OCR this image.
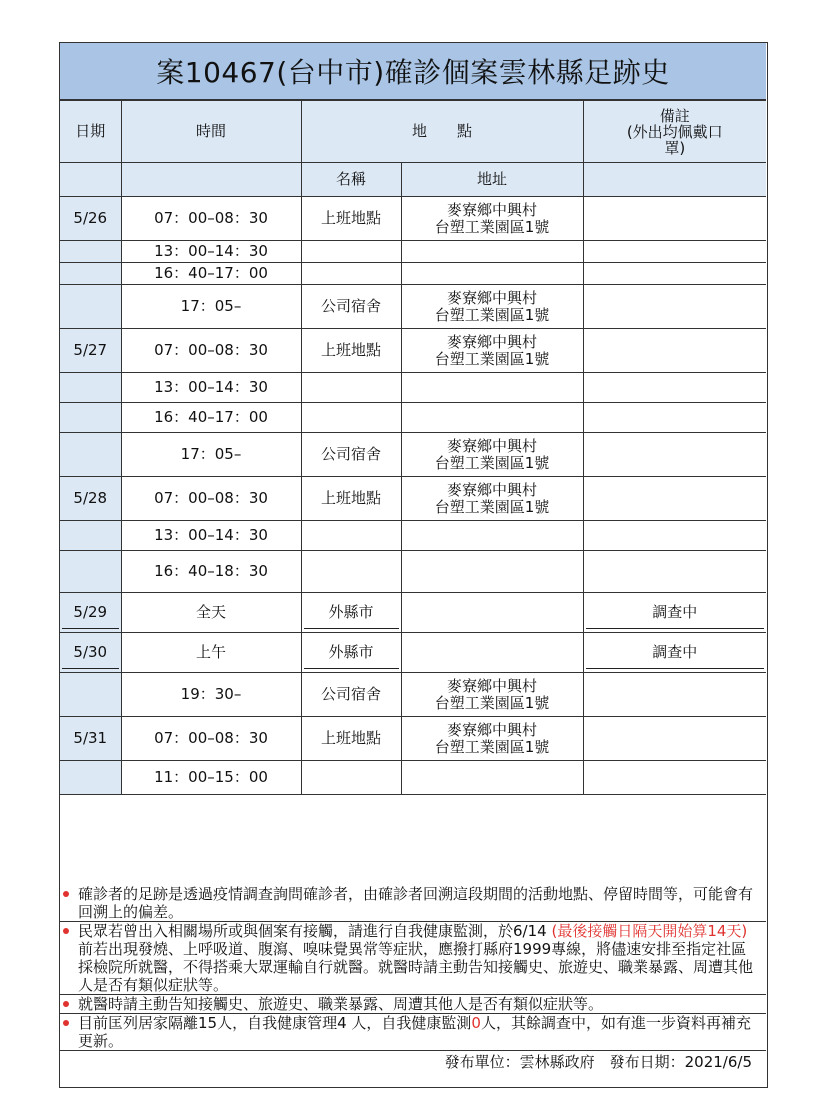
案10467(台中市)確診個案雲林縣足跡史
日期	時間	地　　點		備註
(外出均佩戴口
罩)
		名稱	地址	
5/26	07：00–08：30	上班地點	麥寮鄉中興村
台塑工業園區1號	
	13：00–14：30			
	16：40–17：00			
	17：05–	公司宿舍	麥寮鄉中興村
台塑工業園區1號	
5/27	07：00–08：30	上班地點	麥寮鄉中興村
台塑工業園區1號	
	13：00–14：30			
	16：40–17：00			
	17：05–	公司宿舍	麥寮鄉中興村
台塑工業園區1號	
5/28	07：00–08：30	上班地點	麥寮鄉中興村
台塑工業園區1號	
	13：00–14：30			
	16：40–18：30			

5/29	全天	外縣市		調查中

5/30	上午	外縣市		調查中
	19：30–	公司宿舍	麥寮鄉中興村
台塑工業園區1號	
5/31	07：00–08：30	上班地點	麥寮鄉中興村
台塑工業園區1號	
	11：00–15：00			
確診者的足跡是透過疫情調查詢問確診者，由確診者回溯這段期間的活動地點、停留時間等，可能會有回溯上的偏差。
民眾若曾出入相關場所或與個案有接觸，請進行自我健康監測，於6/14 (最後接觸日隔天開始算14天)前若出現發燒、上呼吸道、腹瀉、嗅味覺異常等症狀，應撥打縣府1999專線，將儘速安排至指定社區採檢院所就醫，不得搭乘大眾運輸自行就醫。就醫時請主動告知接觸史、旅遊史、職業暴露、周遭其他人是否有類似症狀等。
就醫時請主動告知接觸史、旅遊史、職業暴露、周遭其他人是否有類似症狀等。
目前匡列居家隔離15人，自我健康管理4 人，自我健康監測0人，其餘調查中，如有進一步資料再補充更新。
發布單位：雲林縣政府　發布日期：2021/6/5
